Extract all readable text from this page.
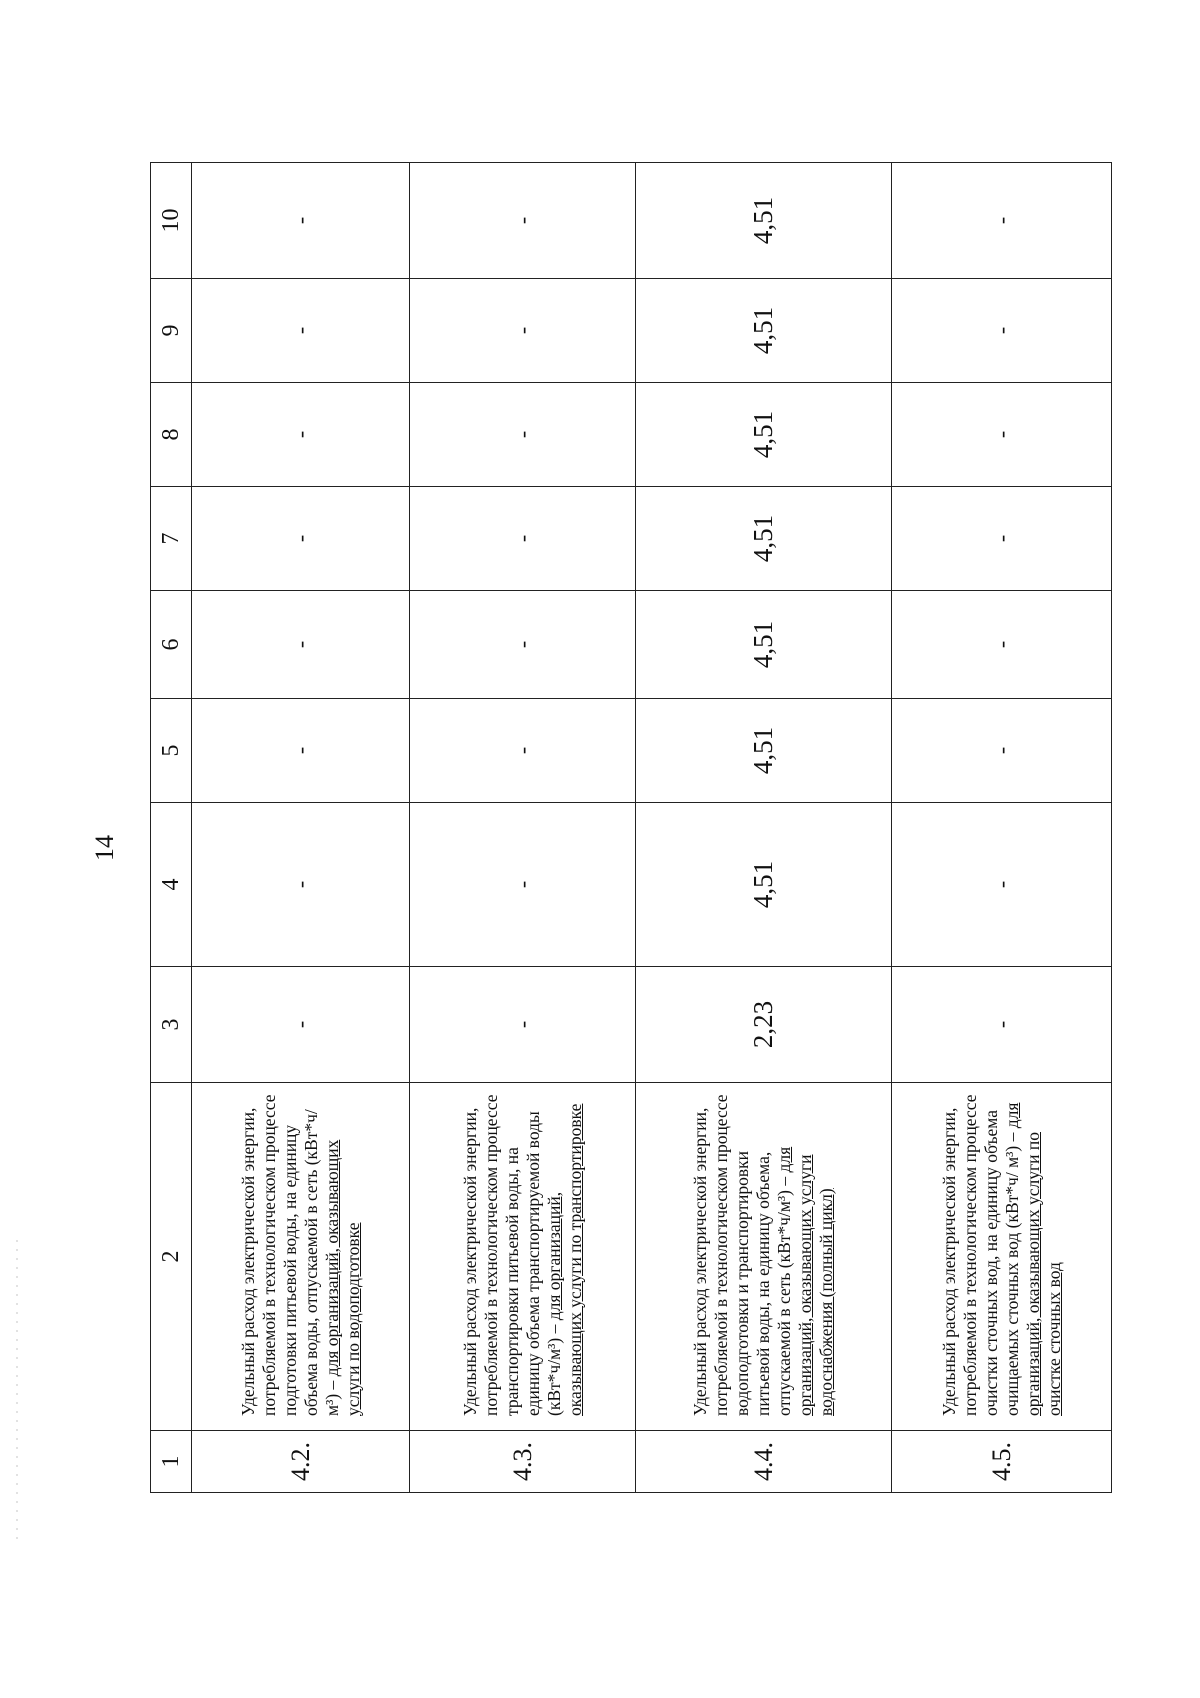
14
1	2	3	4	5	6	7	8	9	10
4.2.	Удельный расход электрической энергии, потребляемой в технологическом процессе подготовки питьевой воды, на единицу объема воды, отпускаемой в сеть (кВт*ч/м³) – для организаций, оказывающих услуги по водоподготовке	-	-	-	-	-	-	-	-
4.3.	Удельный расход электрической энергии, потребляемой в технологическом процессе транспортировки питьевой воды, на единицу объема транспортируемой воды (кВт*ч/м³) – для организаций, оказывающих услуги по транспортировке	-	-	-	-	-	-	-	-
4.4.	Удельный расход электрической энергии, потребляемой в технологическом процессе водоподготовки и транспортировки питьевой воды, на единицу объема, отпускаемой в сеть (кВт*ч/м³) – для организаций, оказывающих услуги водоснабжения (полный цикл)	2,23	4,51	4,51	4,51	4,51	4,51	4,51	4,51
4.5.	Удельный расход электрической энергии, потребляемой в технологическом процессе очистки сточных вод, на единицу объема очищаемых сточных вод (кВт*ч/ м³) – для организаций, оказывающих услуги по очистке сточных вод	-	-	-	-	-	-	-	-
